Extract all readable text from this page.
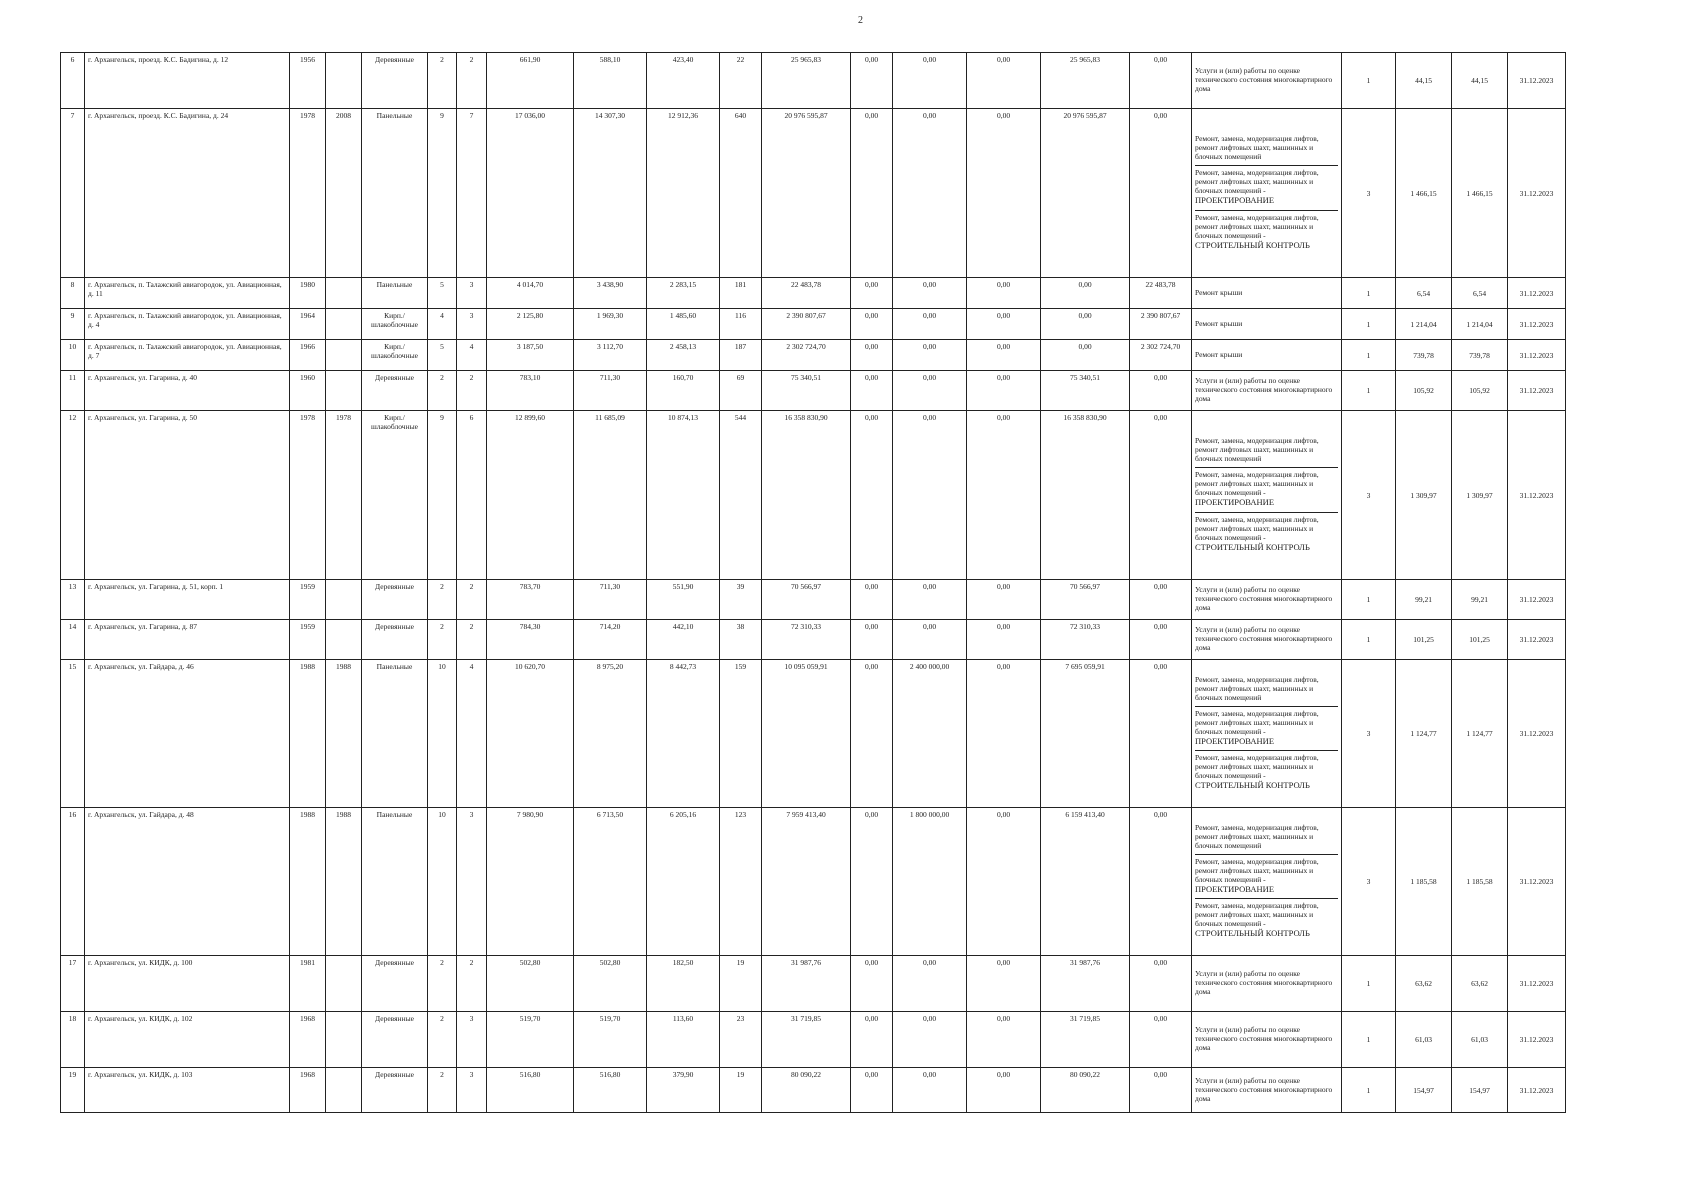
2
6	г. Архангельск, проезд. К.С. Бадигина, д. 12	1956		Деревянные	2	2	661,90	588,10	423,40	22	25 965,83	0,00	0,00	0,00	25 965,83	0,00	Услуги и (или) работы по оценке технического состояния многоквартирного дома	1	44,15	44,15	31.12.2023
7	г. Архангельск, проезд. К.С. Бадигина, д. 24	1978	2008	Панельные	9	7	17 036,00	14 307,30	12 912,36	640	20 976 595,87	0,00	0,00	0,00	20 976 595,87	0,00	Ремонт, замена, модернизация лифтов, ремонт лифтовых шахт, машинных и блочных помещений
Ремонт, замена, модернизация лифтов, ремонт лифтовых шахт, машинных и блочных помещений -
ПРОЕКТИРОВАНИЕ
Ремонт, замена, модернизация лифтов, ремонт лифтовых шахт, машинных и блочных помещений -
СТРОИТЕЛЬНЫЙ КОНТРОЛЬ	3	1 466,15	1 466,15	31.12.2023
8	г. Архангельск, п. Талажский авиагородок, ул. Авиационная, д. 11	1980		Панельные	5	3	4 014,70	3 438,90	2 283,15	181	22 483,78	0,00	0,00	0,00	0,00	22 483,78	Ремонт крыши	1	6,54	6,54	31.12.2023
9	г. Архангельск, п. Талажский авиагородок, ул. Авиационная, д. 4	1964		Кирп./ шлакоблочные	4	3	2 125,80	1 969,30	1 485,60	116	2 390 807,67	0,00	0,00	0,00	0,00	2 390 807,67	Ремонт крыши	1	1 214,04	1 214,04	31.12.2023
10	г. Архангельск, п. Талажский авиагородок, ул. Авиационная, д. 7	1966		Кирп./ шлакоблочные	5	4	3 187,50	3 112,70	2 458,13	187	2 302 724,70	0,00	0,00	0,00	0,00	2 302 724,70	Ремонт крыши	1	739,78	739,78	31.12.2023
11	г. Архангельск, ул. Гагарина, д. 40	1960		Деревянные	2	2	783,10	711,30	160,70	69	75 340,51	0,00	0,00	0,00	75 340,51	0,00	Услуги и (или) работы по оценке технического состояния многоквартирного дома	1	105,92	105,92	31.12.2023
12	г. Архангельск, ул. Гагарина, д. 50	1978	1978	Кирп./ шлакоблочные	9	6	12 899,60	11 685,09	10 874,13	544	16 358 830,90	0,00	0,00	0,00	16 358 830,90	0,00	Ремонт, замена, модернизация лифтов, ремонт лифтовых шахт, машинных и блочных помещений
Ремонт, замена, модернизация лифтов, ремонт лифтовых шахт, машинных и блочных помещений -
ПРОЕКТИРОВАНИЕ
Ремонт, замена, модернизация лифтов, ремонт лифтовых шахт, машинных и блочных помещений -
СТРОИТЕЛЬНЫЙ КОНТРОЛЬ	3	1 309,97	1 309,97	31.12.2023
13	г. Архангельск, ул. Гагарина, д. 51, корп. 1	1959		Деревянные	2	2	783,70	711,30	551,90	39	70 566,97	0,00	0,00	0,00	70 566,97	0,00	Услуги и (или) работы по оценке технического состояния многоквартирного дома	1	99,21	99,21	31.12.2023
14	г. Архангельск, ул. Гагарина, д. 87	1959		Деревянные	2	2	784,30	714,20	442,10	38	72 310,33	0,00	0,00	0,00	72 310,33	0,00	Услуги и (или) работы по оценке технического состояния многоквартирного дома	1	101,25	101,25	31.12.2023
15	г. Архангельск, ул. Гайдара, д. 46	1988	1988	Панельные	10	4	10 620,70	8 975,20	8 442,73	159	10 095 059,91	0,00	2 400 000,00	0,00	7 695 059,91	0,00	Ремонт, замена, модернизация лифтов, ремонт лифтовых шахт, машинных и блочных помещений
Ремонт, замена, модернизация лифтов, ремонт лифтовых шахт, машинных и блочных помещений -
ПРОЕКТИРОВАНИЕ
Ремонт, замена, модернизация лифтов, ремонт лифтовых шахт, машинных и блочных помещений -
СТРОИТЕЛЬНЫЙ КОНТРОЛЬ	3	1 124,77	1 124,77	31.12.2023
16	г. Архангельск, ул. Гайдара, д. 48	1988	1988	Панельные	10	3	7 980,90	6 713,50	6 205,16	123	7 959 413,40	0,00	1 800 000,00	0,00	6 159 413,40	0,00	Ремонт, замена, модернизация лифтов, ремонт лифтовых шахт, машинных и блочных помещений
Ремонт, замена, модернизация лифтов, ремонт лифтовых шахт, машинных и блочных помещений -
ПРОЕКТИРОВАНИЕ
Ремонт, замена, модернизация лифтов, ремонт лифтовых шахт, машинных и блочных помещений -
СТРОИТЕЛЬНЫЙ КОНТРОЛЬ	3	1 185,58	1 185,58	31.12.2023
17	г. Архангельск, ул. КИДК, д. 100	1981		Деревянные	2	2	502,80	502,80	182,50	19	31 987,76	0,00	0,00	0,00	31 987,76	0,00	Услуги и (или) работы по оценке технического состояния многоквартирного дома	1	63,62	63,62	31.12.2023
18	г. Архангельск, ул. КИДК, д. 102	1968		Деревянные	2	3	519,70	519,70	113,60	23	31 719,85	0,00	0,00	0,00	31 719,85	0,00	Услуги и (или) работы по оценке технического состояния многоквартирного дома	1	61,03	61,03	31.12.2023
19	г. Архангельск, ул. КИДК, д. 103	1968		Деревянные	2	3	516,80	516,80	379,90	19	80 090,22	0,00	0,00	0,00	80 090,22	0,00	Услуги и (или) работы по оценке технического состояния многоквартирного дома	1	154,97	154,97	31.12.2023
